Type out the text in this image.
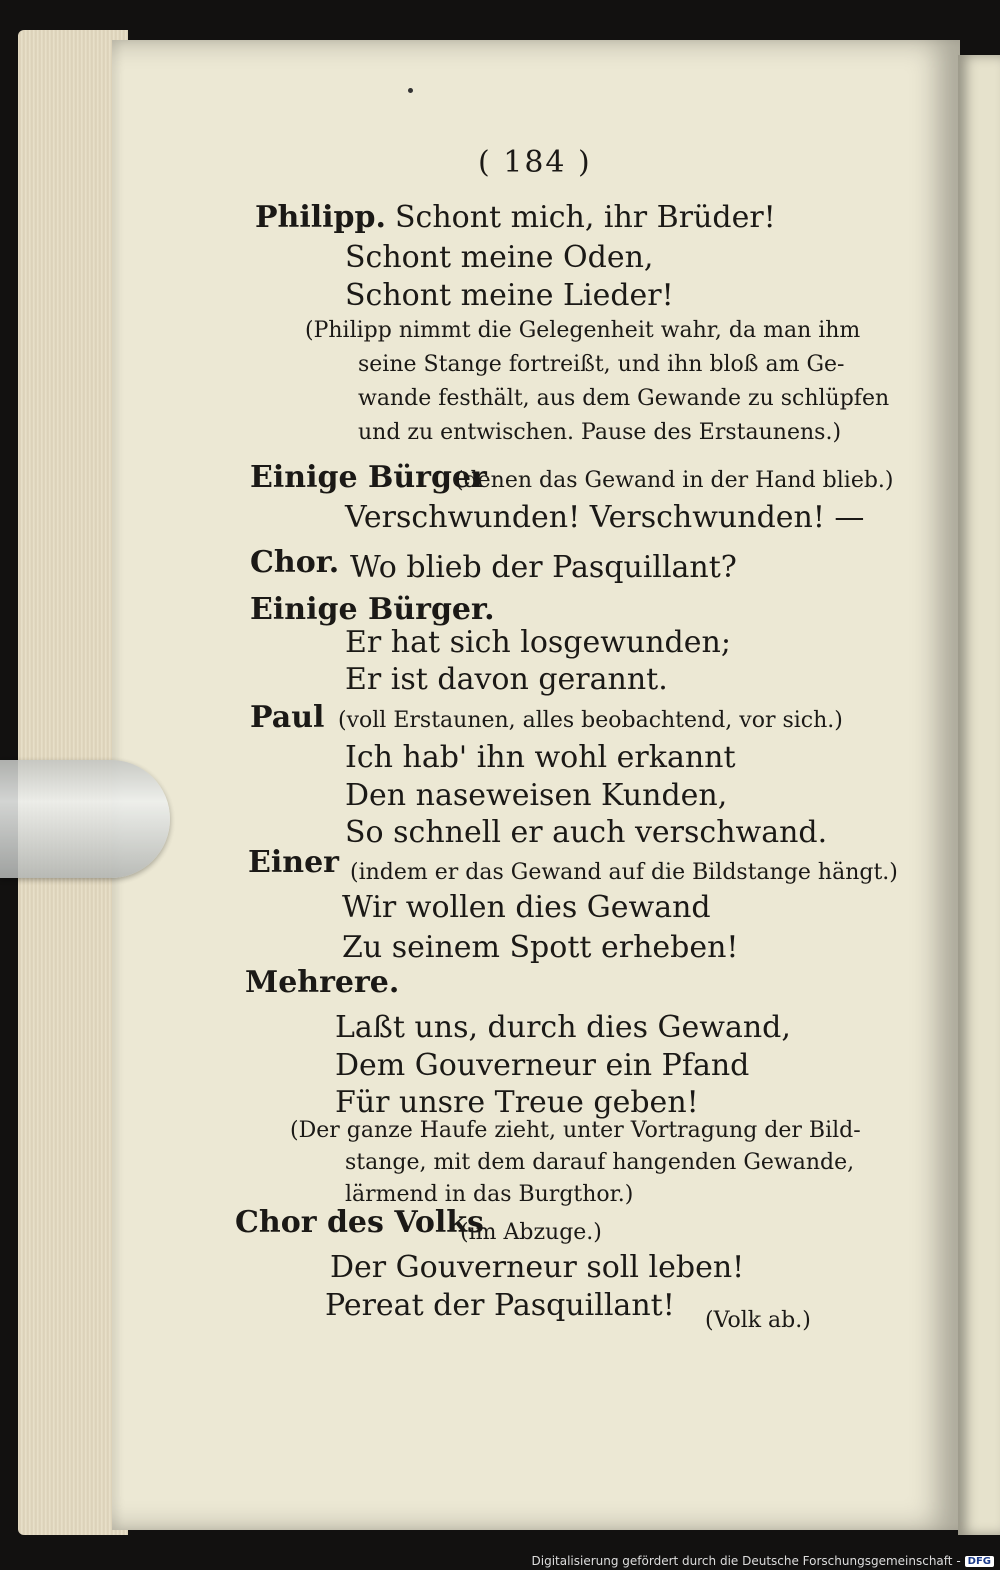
( 184 )
Philipp. Schont mich, ihr Brüder!
Schont meine Oden,
Schont meine Lieder!
(Philipp nimmt die Gelegenheit wahr, da man ihm
seine Stange fortreißt, und ihn bloß am Ge-
wande festhält, aus dem Gewande zu schlüpfen
und zu entwischen. Pause des Erstaunens.)
Einige Bürger
(denen das Gewand in der Hand blieb.)
Verschwunden! Verschwunden! —
Chor. Wo blieb der Pasquillant?
Einige Bürger.
Er hat sich losgewunden;
Er ist davon gerannt.
Paul (voll Erstaunen, alles beobachtend, vor sich.)
Ich hab' ihn wohl erkannt
Den naseweisen Kunden,
So schnell er auch verschwand.
Einer (indem er das Gewand auf die Bildstange hängt.)
Wir wollen dies Gewand
Zu seinem Spott erheben!
Mehrere.
Laßt uns, durch dies Gewand,
Dem Gouverneur ein Pfand
Für unsre Treue geben!
(Der ganze Haufe zieht, unter Vortragung der Bild-
stange, mit dem darauf hangenden Gewande,
lärmend in das Burgthor.)
Chor des Volks
(im Abzuge.)
Der Gouverneur soll leben!
Pereat der Pasquillant! (Volk ab.)
Digitalisierung gefördert durch die Deutsche Forschungsgemeinschaft - DFG
